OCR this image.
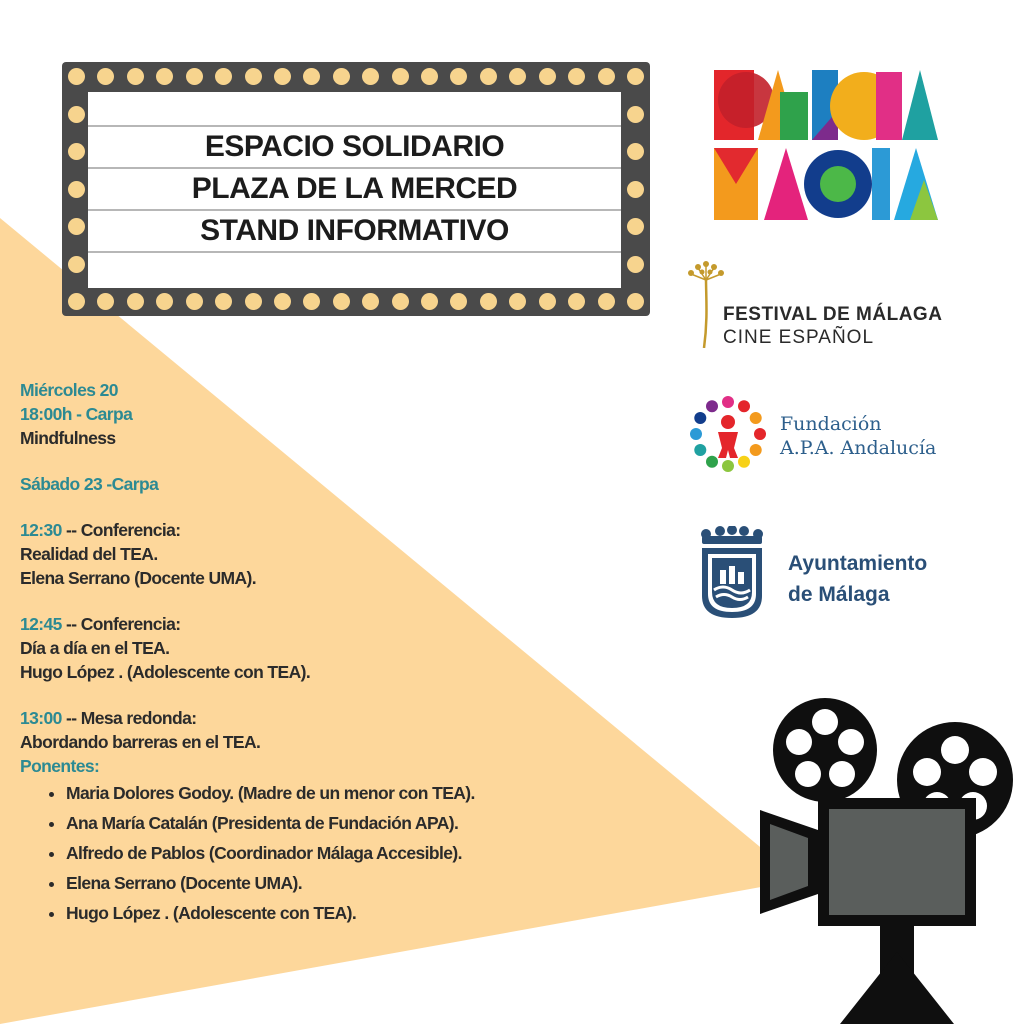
ESPACIO SOLIDARIO
PLAZA DE LA MERCED
STAND INFORMATIVO
FESTIVAL DE MÁLAGA
CINE ESPAÑOL
Fundación
A.P.A. Andalucía
Ayuntamiento
de Málaga
Miércoles 20
18:00h - Carpa
Mindfulness
Sábado 23 -Carpa
12:30 -- Conferencia:
Realidad del TEA.
Elena Serrano (Docente UMA).
12:45 -- Conferencia:
Día a día en el TEA.
Hugo López . (Adolescente con TEA).
13:00 -- Mesa redonda:
Abordando barreras en el TEA.
Ponentes:
• Maria Dolores Godoy. (Madre de un menor con TEA).
• Ana María Catalán (Presidenta de Fundación APA).
• Alfredo de Pablos (Coordinador Málaga Accesible).
• Elena Serrano (Docente UMA).
• Hugo López . (Adolescente con TEA).
